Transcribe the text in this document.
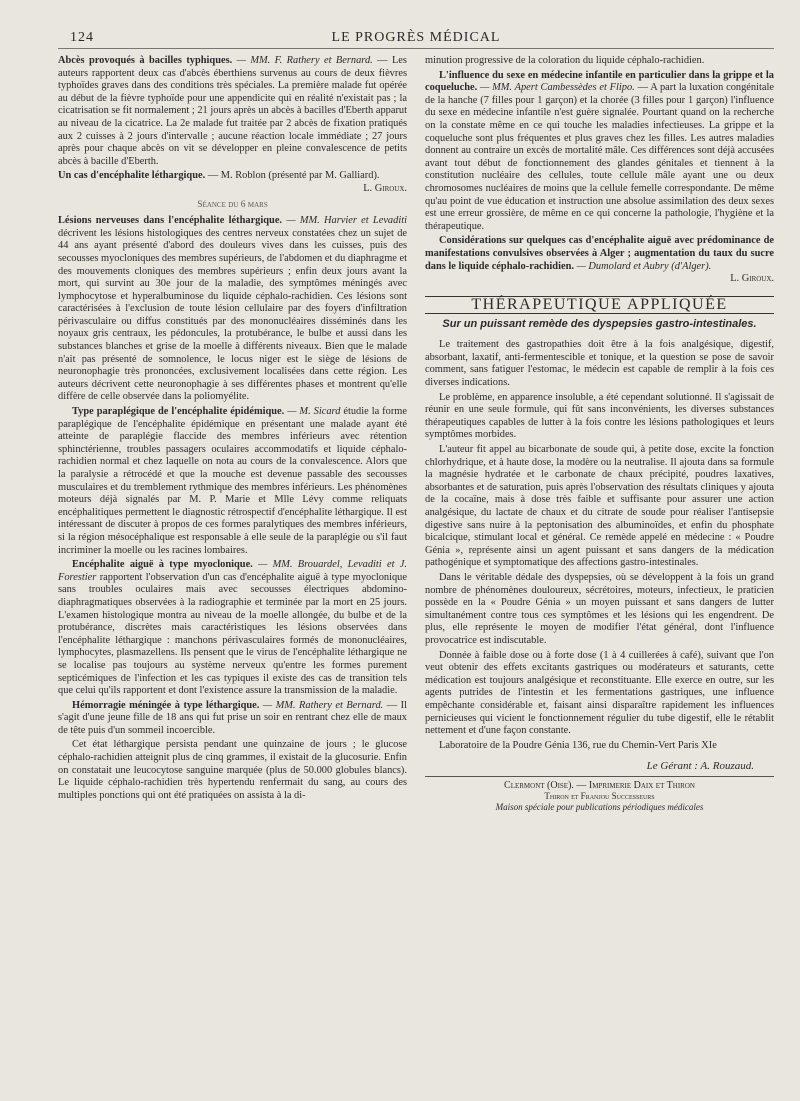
124	LE PROGRÈS MÉDICAL

Abcès provoqués à bacilles typhiques. — MM. F. Rathery et Bernard. — Les auteurs rapportent deux cas d'abcès éberthiens survenus au cours de deux fièvres typhoïdes graves dans des conditions très spéciales. La première malade fut opérée au début de la fièvre typhoïde pour une appendicite qui en réalité n'existait pas ; la cicatrisation se fit normalement ; 21 jours après un abcès à bacilles d'Eberth apparut au niveau de la cicatrice. La 2e malade fut traitée par 2 abcès de fixation pratiqués aux 2 cuisses à 2 jours d'intervalle ; aucune réaction locale immédiate ; 27 jours après pour chaque abcès on vit se développer en pleine convalescence de petits abcès à bacille d'Eberth.

Un cas d'encéphalite léthargique. — M. Roblon (présenté par M. Galliard).

L. Giroux.
Séance du 6 mars

Lésions nerveuses dans l'encéphalite léthargique. — MM. Harvier et Levaditi décrivent les lésions histologiques des centres nerveux constatées chez un sujet de 44 ans ayant présenté d'abord des douleurs vives dans les cuisses, puis des secousses myocloniques des membres supérieurs, de l'abdomen et du diaphragme et des mouvements cloniques des membres supérieurs ; enfin deux jours avant la mort, qui survint au 30e jour de la maladie, des symptômes méningés avec lymphocytose et hyperalbuminose du liquide céphalo-rachidien. Ces lésions sont caractérisées à l'exclusion de toute lésion cellulaire par des foyers d'infiltration périvasculaire ou diffus constitués par des mononucléaires disséminés dans les noyaux gris centraux, les pédoncules, la protubérance, le bulbe et aussi dans les substances blanches et grise de la moelle à différents niveaux. Bien que le malade n'ait pas présenté de somnolence, le locus niger est le siège de lésions de neuronophagie très prononcées, exclusivement localisées dans cette région. Les auteurs décrivent cette neuronophagie à ses différentes phases et montrent qu'elle diffère de celle observée dans la poliomyélite.

Type paraplégique de l'encéphalite épidémique. — M. Sicard étudie la forme paraplégique de l'encéphalite épidémique en présentant une malade ayant été atteinte de paraplégie flaccide des membres inférieurs avec rétention sphinctérienne, troubles passagers oculaires accommodatifs et liquide céphalo-rachidien normal et chez laquelle on nota au cours de la convalescence. Alors que la paralysie a rétrocédé et que la mouche est devenue passable des secousses musculaires et du tremblement rythmique des membres inférieurs. Les phénomènes moteurs déjà signalés par M. P. Marie et Mlle Lévy comme reliquats encéphalitiques permettent le diagnostic rétrospectif d'encéphalite léthargique. Il est intéressant de discuter à propos de ces formes paralytiques des membres inférieurs, si la région mésocéphalique est responsable à elle seule de la paraplégie ou s'il faut incriminer la moelle ou les racines lombaires.

Encéphalite aiguë à type myoclonique. — MM. Brouardel, Levaditi et J. Forestier rapportent l'observation d'un cas d'encéphalite aiguë à type myoclonique sans troubles oculaires mais avec secousses électriques abdomino-diaphragmatiques observées à la radiographie et terminée par la mort en 25 jours. L'examen histologique montra au niveau de la moelle allongée, du bulbe et de la protubérance, discrètes mais caractéristiques les lésions observées dans l'encéphalite léthargique : manchons périvasculaires formés de mononucléaires, lymphocytes, plasmazellens. Ils pensent que le virus de l'encéphalite léthargique ne se localise pas toujours au système nerveux qu'entre les formes purement septicémiques de l'infection et les cas typiques il existe des cas de transition tels que celui qu'ils rapportent et dont l'existence assure la transmission de la maladie.

Hémorragie méningée à type léthargique. — MM. Rathery et Bernard. — Il s'agit d'une jeune fille de 18 ans qui fut prise un soir en rentrant chez elle de maux de tête puis d'un sommeil incoercible.

Cet état léthargique persista pendant une quinzaine de jours ; le glucose céphalo-rachidien atteignit plus de cinq grammes, il existait de la glucosurie. Enfin on constatait une leucocytose sanguine marquée (plus de 50.000 globules blancs). Le liquide céphalo-rachidien très hypertendu renfermait du sang, au cours des multiples ponctions qui ont été pratiquées on assista à la di-

minution progressive de la coloration du liquide céphalo-rachidien.

L'influence du sexe en médecine infantile en particulier dans la grippe et la coqueluche. — MM. Apert Cambessèdes et Flipo. — A part la luxation congénitale de la hanche (7 filles pour 1 garçon) et la chorée (3 filles pour 1 garçon) l'influence du sexe en médecine infantile n'est guère signalée. Pourtant quand on la recherche on la constate même en ce qui touche les maladies infectieuses. La grippe et la coqueluche sont plus fréquentes et plus graves chez les filles. Les autres maladies donnent au contraire un excès de mortalité mâle. Ces différences sont déjà accusées avant tout début de fonctionnement des glandes génitales et tiennent à la constitution nucléaire des cellules, toute cellule mâle ayant une ou deux chromosomes nucléaires de moins que la cellule femelle correspondante. De même qu'au point de vue éducation et instruction une absolue assimilation des deux sexes est une erreur grossière, de même en ce qui concerne la pathologie, l'hygiène et la thérapeutique.

Considérations sur quelques cas d'encéphalite aiguë avec prédominance de manifestations convulsives observées à Alger ; augmentation du taux du sucre dans le liquide céphalo-rachidien. — Dumolard et Aubry (d'Alger).

L. Giroux.
THÉRAPEUTIQUE APPLIQUÉE
Sur un puissant remède des dyspepsies gastro-intestinales.

Le traitement des gastropathies doit être à la fois analgésique, digestif, absorbant, laxatif, anti-fermentescible et tonique, et la question se pose de savoir comment, sans fatiguer l'estomac, le médecin est capable de remplir à la fois ces diverses indications.

Le problème, en apparence insoluble, a été cependant solutionné. Il s'agissait de réunir en une seule formule, qui fût sans inconvénients, les diverses substances thérapeutiques capables de lutter à la fois contre les lésions pathologiques et leurs symptômes morbides.

L'auteur fit appel au bicarbonate de soude qui, à petite dose, excite la fonction chlorhydrique, et à haute dose, la modère ou la neutralise. Il ajouta dans sa formule la magnésie hydratée et le carbonate de chaux précipité, poudres laxatives, absorbantes et de saturation, puis après l'observation des résultats cliniques y ajouta de la cocaïne, mais à dose très faible et suffisante pour assurer une action analgésique, du lactate de chaux et du citrate de soude pour réaliser l'antisepsie digestive sans nuire à la peptonisation des albuminoïdes, et enfin du phosphate bicalcique, stimulant local et général. Ce remède appelé en médecine : « Poudre Génia », représente ainsi un agent puissant et sans dangers de la médication pathogénique et symptomatique des affections gastro-intestinales.

Dans le véritable dédale des dyspepsies, où se développent à la fois un grand nombre de phénomènes douloureux, sécrétoires, moteurs, infectieux, le praticien possède en la « Poudre Génia » un moyen puissant et sans dangers de lutter simultanément contre tous ces symptômes et les lésions qui les engendrent. De plus, elle représente le moyen de modifier l'état général, dont l'influence provocatrice est indiscutable.

Donnée à faible dose ou à forte dose (1 à 4 cuillerées à café), suivant que l'on veut obtenir des effets excitants gastriques ou modérateurs et saturants, cette médication est toujours analgésique et reconstituante. Elle exerce en outre, sur les agents putrides de l'intestin et les fermentations gastriques, une influence empêchante considérable et, faisant ainsi disparaître rapidement les influences pernicieuses qui vicient le fonctionnement régulier du tube digestif, elle le rétablit nettement et d'une façon constante.

Laboratoire de la Poudre Génia 136, rue du Chemin-Vert Paris XIe

Le Gérant : A. Rouzaud.
Clermont (Oise). — Imprimerie Daix et Thiron
Thiron et Franjou Successeurs
Maison spéciale pour publications périodiques médicales
